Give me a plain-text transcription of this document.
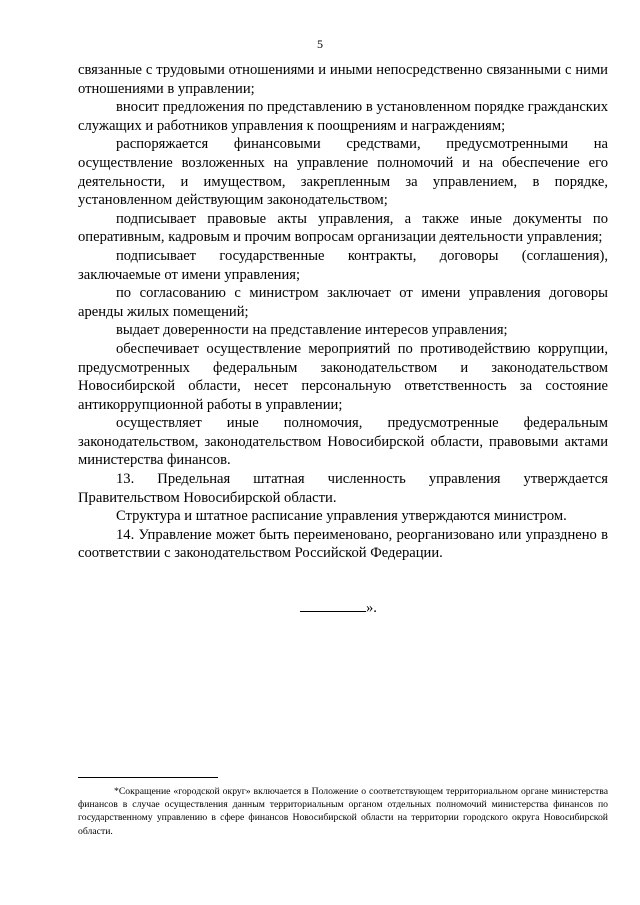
5

связанные с трудовыми отношениями и иными непосредственно связанными с ними отношениями в управлении;

вносит предложения по представлению в установленном порядке гражданских служащих и работников управления к поощрениям и награждениям;

распоряжается финансовыми средствами, предусмотренными на осуществление возложенных на управление полномочий и на обеспечение его деятельности, и имуществом, закрепленным за управлением, в порядке, установленном действующим законодательством;

подписывает правовые акты управления, а также иные документы по оперативным, кадровым и прочим вопросам организации деятельности управления;

подписывает государственные контракты, договоры (соглашения), заключаемые от имени управления;

по согласованию с министром заключает от имени управления договоры аренды жилых помещений;

выдает доверенности на представление интересов управления;

обеспечивает осуществление мероприятий по противодействию коррупции, предусмотренных федеральным законодательством и законодательством Новосибирской области, несет персональную ответственность за состояние антикоррупционной работы в управлении;

осуществляет иные полномочия, предусмотренные федеральным законодательством, законодательством Новосибирской области, правовыми актами министерства финансов.

13. Предельная штатная численность управления утверждается Правительством Новосибирской области.

Структура и штатное расписание управления утверждаются министром.

14. Управление может быть переименовано, реорганизовано или упразднено в соответствии с законодательством Российской Федерации.

».

*Сокращение «городской округ» включается в Положение о соответствующем территориальном органе министерства финансов в случае осуществления данным территориальным органом отдельных полномочий министерства финансов по государственному управлению в сфере финансов Новосибирской области на территории городского округа Новосибирской области.
